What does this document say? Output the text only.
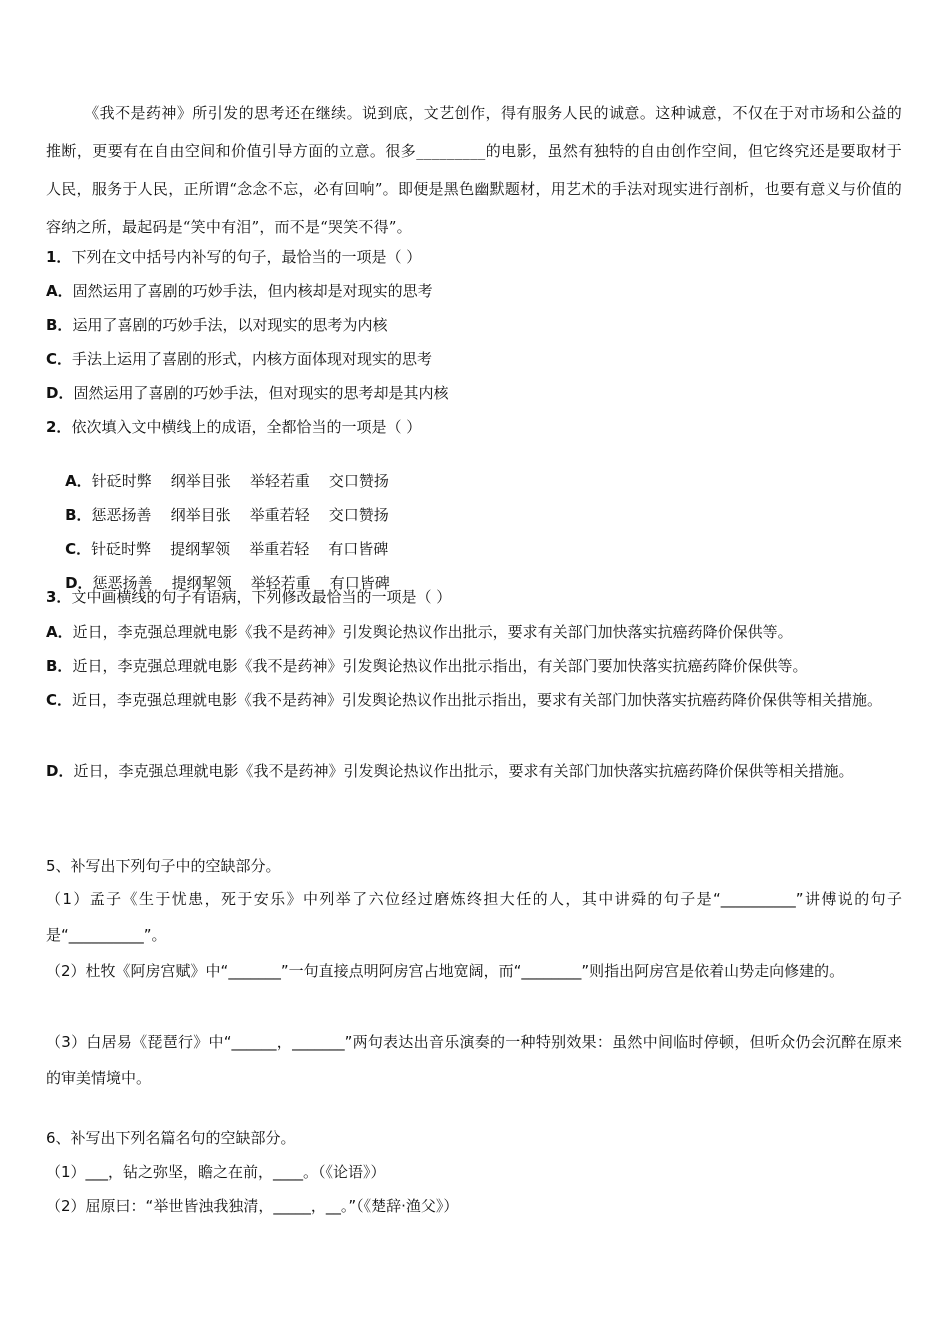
《我不是药神》所引发的思考还在继续。说到底，文艺创作，得有服务人民的诚意。这种诚意，不仅在于对市场和公益的推断，更要有在自由空间和价值引导方面的立意。很多_________的电影，虽然有独特的自由创作空间，但它终究还是要取材于人民，服务于人民，正所谓“念念不忘，必有回响”。即便是黑色幽默题材，用艺术的手法对现实进行剖析，也要有意义与价值的容纳之所，最起码是“笑中有泪”，而不是“哭笑不得”。
1．下列在文中括号内补写的句子，最恰当的一项是（ ）
A．固然运用了喜剧的巧妙手法，但内核却是对现实的思考
B．运用了喜剧的巧妙手法，以对现实的思考为内核
C．手法上运用了喜剧的形式，内核方面体现对现实的思考
D．固然运用了喜剧的巧妙手法，但对现实的思考却是其内核
2．依次填入文中横线上的成语，全都恰当的一项是（ ）

A．针砭时弊    纲举目张    举轻若重    交口赞扬

B．惩恶扬善    纲举目张    举重若轻    交口赞扬

C．针砭时弊    提纲挈领    举重若轻    有口皆碑

D．惩恶扬善    提纲挈领    举轻若重    有口皆碑

3．文中画横线的句子有语病，下列修改最恰当的一项是（ ）
A．近日，李克强总理就电影《我不是药神》引发舆论热议作出批示，要求有关部门加快落实抗癌药降价保供等。
B．近日，李克强总理就电影《我不是药神》引发舆论热议作出批示指出，有关部门要加快落实抗癌药降价保供等。
C．近日，李克强总理就电影《我不是药神》引发舆论热议作出批示指出，要求有关部门加快落实抗癌药降价保供等相关措施。
D．近日，李克强总理就电影《我不是药神》引发舆论热议作出批示，要求有关部门加快落实抗癌药降价保供等相关措施。
5、补写出下列句子中的空缺部分。
（1）孟子《生于忧患，死于安乐》中列举了六位经过磨炼终担大任的人，其中讲舜的句子是“__________”讲傅说的句子是“__________”。
（2）杜牧《阿房宫赋》中“_______”一句直接点明阿房宫占地宽阔，而“________”则指出阿房宫是依着山势走向修建的。
（3）白居易《琵琶行》中“______，_______”两句表达出音乐演奏的一种特别效果：虽然中间临时停顿，但听众仍会沉醉在原来的审美情境中。
6、补写出下列名篇名句的空缺部分。
（1）___，钻之弥坚，瞻之在前，____。（《论语》）
（2）屈原曰：“举世皆浊我独清，_____，__。”（《楚辞·渔父》）
